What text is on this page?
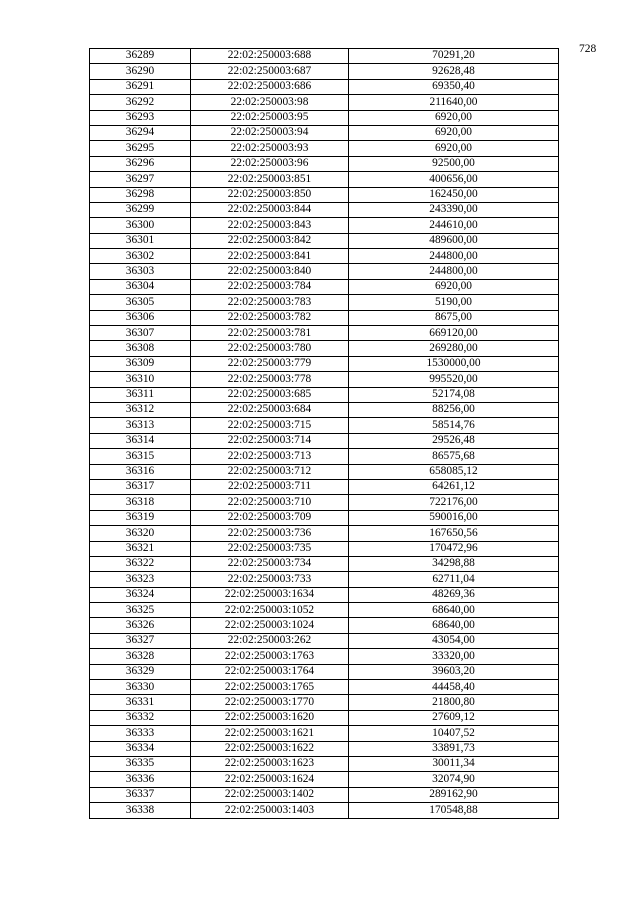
728
36289	22:02:250003:688	70291,20
36290	22:02:250003:687	92628,48
36291	22:02:250003:686	69350,40
36292	22:02:250003:98	211640,00
36293	22:02:250003:95	6920,00
36294	22:02:250003:94	6920,00
36295	22:02:250003:93	6920,00
36296	22:02:250003:96	92500,00
36297	22:02:250003:851	400656,00
36298	22:02:250003:850	162450,00
36299	22:02:250003:844	243390,00
36300	22:02:250003:843	244610,00
36301	22:02:250003:842	489600,00
36302	22:02:250003:841	244800,00
36303	22:02:250003:840	244800,00
36304	22:02:250003:784	6920,00
36305	22:02:250003:783	5190,00
36306	22:02:250003:782	8675,00
36307	22:02:250003:781	669120,00
36308	22:02:250003:780	269280,00
36309	22:02:250003:779	1530000,00
36310	22:02:250003:778	995520,00
36311	22:02:250003:685	52174,08
36312	22:02:250003:684	88256,00
36313	22:02:250003:715	58514,76
36314	22:02:250003:714	29526,48
36315	22:02:250003:713	86575,68
36316	22:02:250003:712	658085,12
36317	22:02:250003:711	64261,12
36318	22:02:250003:710	722176,00
36319	22:02:250003:709	590016,00
36320	22:02:250003:736	167650,56
36321	22:02:250003:735	170472,96
36322	22:02:250003:734	34298,88
36323	22:02:250003:733	62711,04
36324	22:02:250003:1634	48269,36
36325	22:02:250003:1052	68640,00
36326	22:02:250003:1024	68640,00
36327	22:02:250003:262	43054,00
36328	22:02:250003:1763	33320,00
36329	22:02:250003:1764	39603,20
36330	22:02:250003:1765	44458,40
36331	22:02:250003:1770	21800,80
36332	22:02:250003:1620	27609,12
36333	22:02:250003:1621	10407,52
36334	22:02:250003:1622	33891,73
36335	22:02:250003:1623	30011,34
36336	22:02:250003:1624	32074,90
36337	22:02:250003:1402	289162,90
36338	22:02:250003:1403	170548,88
